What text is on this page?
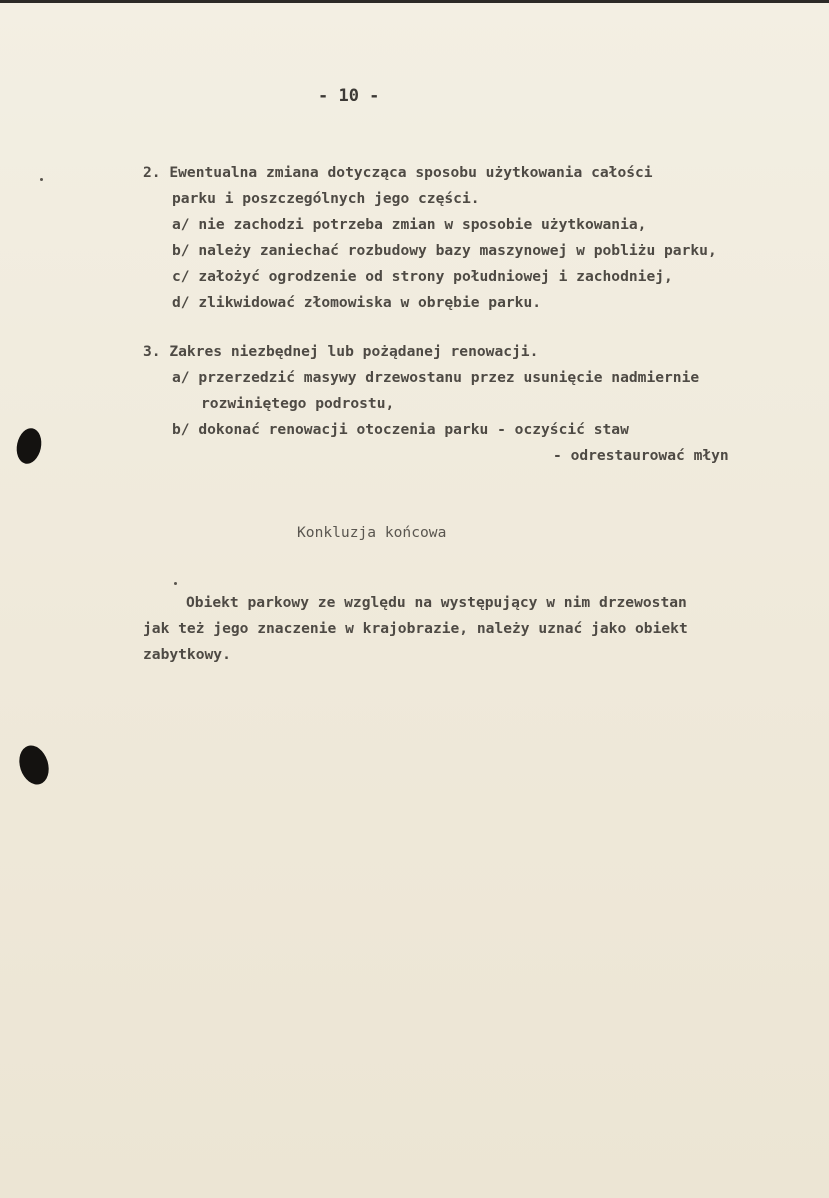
- 10 -
2. Ewentualna zmiana dotycząca sposobu użytkowania całości
parku i poszczególnych jego części.
a/ nie zachodzi potrzeba zmian w sposobie użytkowania,
b/ należy zaniechać rozbudowy bazy maszynowej w pobliżu parku,
c/ założyć ogrodzenie od strony południowej i zachodniej,
d/ zlikwidować złomowiska w obrębie parku.
3. Zakres niezbędnej lub pożądanej renowacji.
a/ przerzedzić masywy drzewostanu przez usunięcie nadmiernie
rozwiniętego podrostu,
b/ dokonać renowacji otoczenia parku - oczyścić staw
- odrestaurować młyn
Konkluzja końcowa
Obiekt parkowy ze względu na występujący w nim drzewostan
jak też jego znaczenie w krajobrazie, należy uznać jako obiekt
zabytkowy.
